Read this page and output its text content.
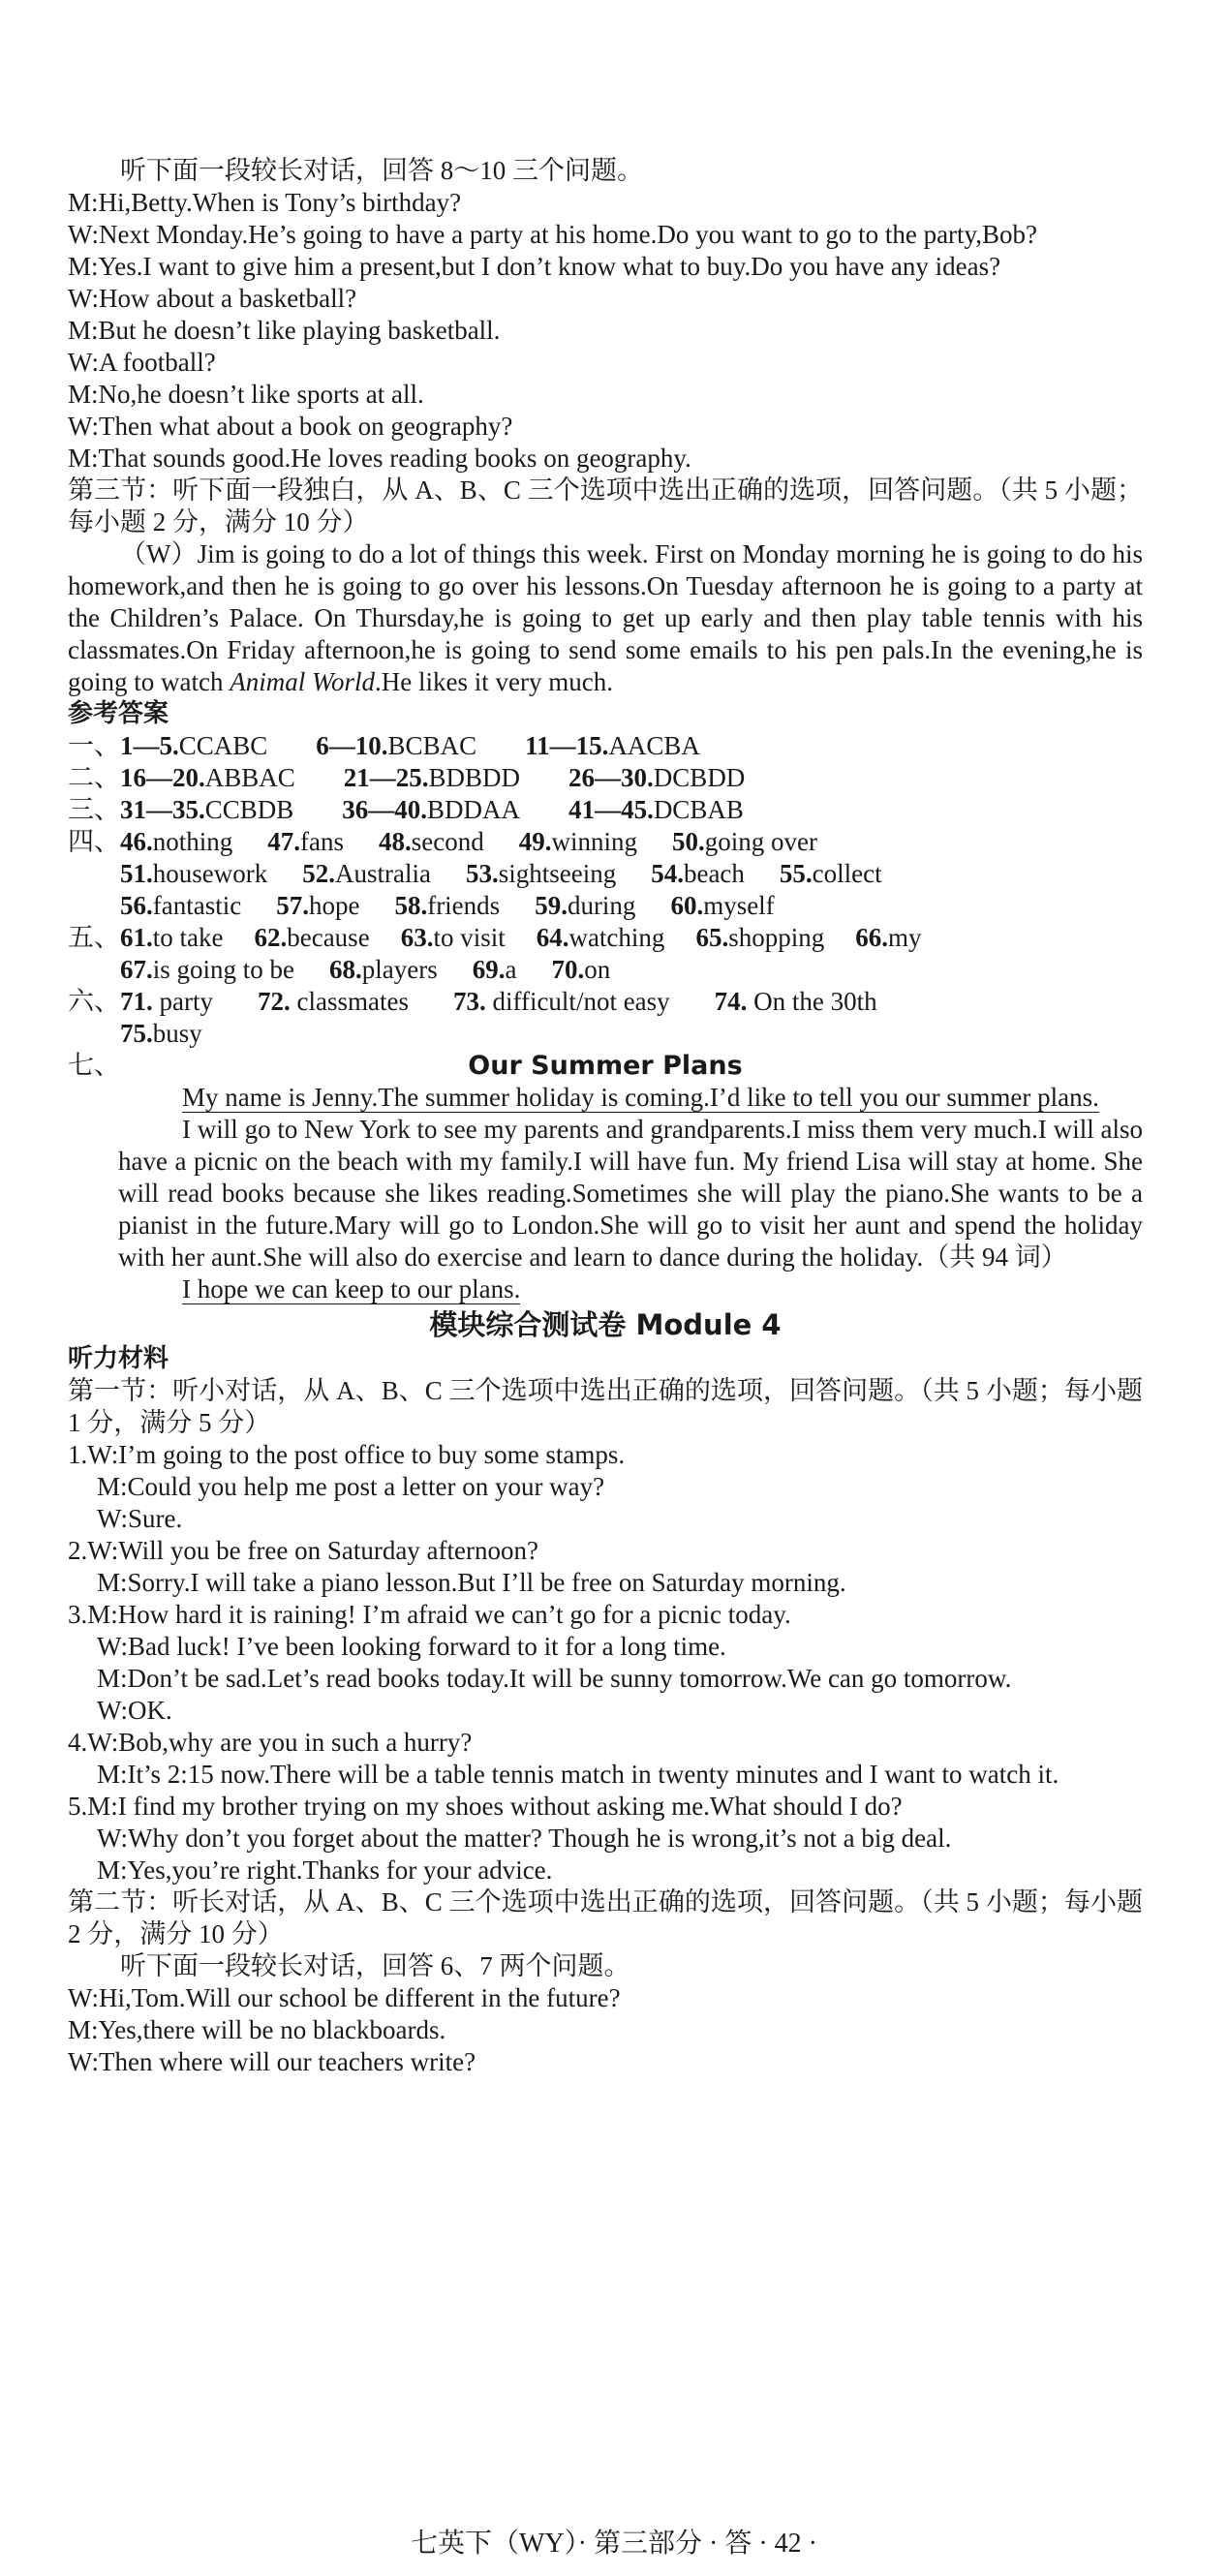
听下面一段较长对话，回答 8～10 三个问题。
M:Hi,Betty.When is Tony’s birthday?
W:Next Monday.He’s going to have a party at his home.Do you want to go to the party,Bob?
M:Yes.I want to give him a present,but I don’t know what to buy.Do you have any ideas?
W:How about a basketball?
M:But he doesn’t like playing basketball.
W:A football?
M:No,he doesn’t like sports at all.
W:Then what about a book on geography?
M:That sounds good.He loves reading books on geography.
第三节：听下面一段独白，从 A、B、C 三个选项中选出正确的选项，回答问题。（共 5 小题；每小题 2 分，满分 10 分）
（W）Jim is going to do a lot of things this week. First on Monday morning he is going to do his homework,and then he is going to go over his lessons.On Tuesday afternoon he is going to a party at the Children’s Palace. On Thursday,he is going to get up early and then play table tennis with his classmates.On Friday afternoon,he is going to send some emails to his pen pals.In the evening,he is going to watch Animal World.He likes it very much.
参考答案
一、 1—5.CCABC 6—10.BCBAC 11—15.AACBA
二、 16—20.ABBAC 21—25.BDBDD 26—30.DCBDD
三、 31—35.CCBDB 36—40.BDDAA 41—45.DCBAB
四、 46.nothing 47.fans 48.second 49.winning 50.going over
51.housework 52.Australia 53.sightseeing 54.beach 55.collect
56.fantastic 57.hope 58.friends 59.during 60.myself
五、 61.to take 62.because 63.to visit 64.watching 65.shopping 66.my
67.is going to be 68.players 69.a 70.on
六、 71. party 72. classmates 73. difficult/not easy 74. On the 30th
75.busy
七、	Our Summer Plans

My name is Jenny.The summer holiday is coming.I’d like to tell you our summer plans.

I will go to New York to see my parents and grandparents.I miss them very much.I will also have a picnic on the beach with my family.I will have fun. My friend Lisa will stay at home. She will read books because she likes reading.Sometimes she will play the piano.She wants to be a pianist in the future.Mary will go to London.She will go to visit her aunt and spend the holiday with her aunt.She will also do exercise and learn to dance during the holiday.（共 94 词）

I hope we can keep to our plans.

模块综合测试卷 Module 4
听力材料
第一节：听小对话，从 A、B、C 三个选项中选出正确的选项，回答问题。（共 5 小题；每小题 1 分，满分 5 分）
1.W:I’m going to the post office to buy some stamps.
M:Could you help me post a letter on your way?
W:Sure.
2.W:Will you be free on Saturday afternoon?
M:Sorry.I will take a piano lesson.But I’ll be free on Saturday morning.
3.M:How hard it is raining! I’m afraid we can’t go for a picnic today.
W:Bad luck! I’ve been looking forward to it for a long time.
M:Don’t be sad.Let’s read books today.It will be sunny tomorrow.We can go tomorrow.
W:OK.
4.W:Bob,why are you in such a hurry?
M:It’s 2:15 now.There will be a table tennis match in twenty minutes and I want to watch it.
5.M:I find my brother trying on my shoes without asking me.What should I do?
W:Why don’t you forget about the matter? Though he is wrong,it’s not a big deal.
M:Yes,you’re right.Thanks for your advice.
第二节：听长对话，从 A、B、C 三个选项中选出正确的选项，回答问题。（共 5 小题；每小题 2 分，满分 10 分）
听下面一段较长对话，回答 6、7 两个问题。
W:Hi,Tom.Will our school be different in the future?
M:Yes,there will be no blackboards.
W:Then where will our teachers write?
七英下（WY）· 第三部分 · 答 · 42 ·
